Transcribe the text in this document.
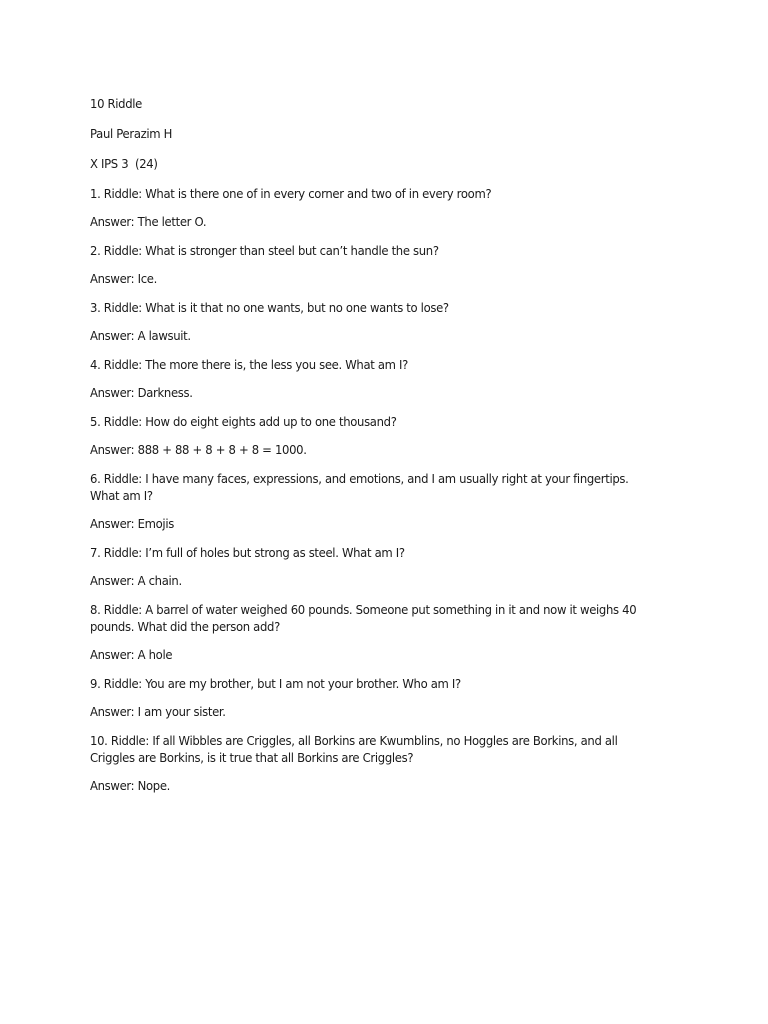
10 Riddle
Paul Perazim H
X IPS 3  (24)
1. Riddle: What is there one of in every corner and two of in every room?
Answer: The letter O.
2. Riddle: What is stronger than steel but can’t handle the sun?
Answer: Ice.
3. Riddle: What is it that no one wants, but no one wants to lose?
Answer: A lawsuit.
4. Riddle: The more there is, the less you see. What am I?
Answer: Darkness.
5. Riddle: How do eight eights add up to one thousand?
Answer: 888 + 88 + 8 + 8 + 8 = 1000.
6. Riddle: I have many faces, expressions, and emotions, and I am usually right at your fingertips. What am I?
Answer: Emojis
7. Riddle: I’m full of holes but strong as steel. What am I?
Answer: A chain.
8. Riddle: A barrel of water weighed 60 pounds. Someone put something in it and now it weighs 40 pounds. What did the person add?
Answer: A hole
9. Riddle: You are my brother, but I am not your brother. Who am I?
Answer: I am your sister.
10. Riddle: If all Wibbles are Criggles, all Borkins are Kwumblins, no Hoggles are Borkins, and all Criggles are Borkins, is it true that all Borkins are Criggles?
Answer: Nope.
